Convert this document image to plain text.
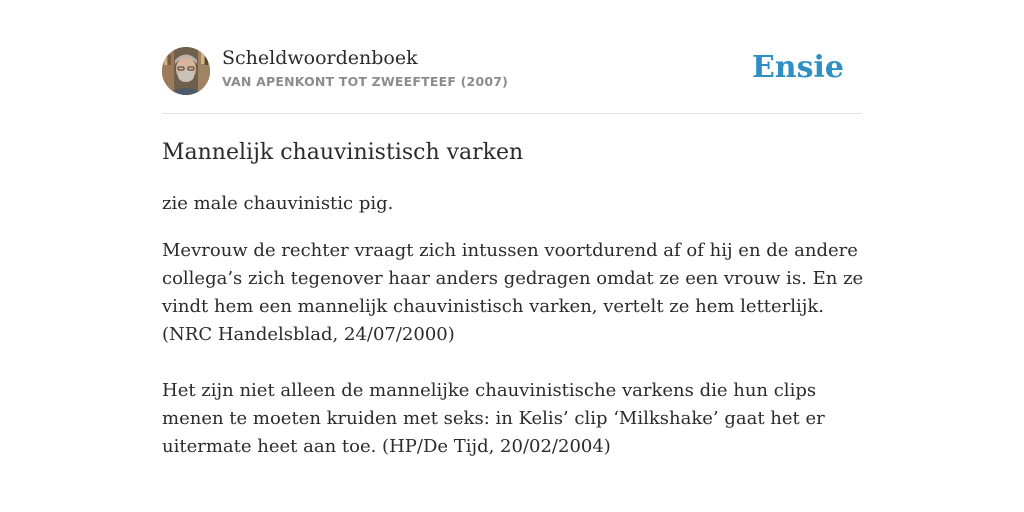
Scheldwoordenboek
VAN APENKONT TOT ZWEEFTEEF (2007)	Ensie
Mannelijk chauvinistisch varken
zie male chauvinistic pig.

Mevrouw de rechter vraagt zich intussen voortdurend af of hij en de andere collega’s zich tegenover haar anders gedragen omdat ze een vrouw is. En ze vindt hem een mannelijk chauvinistisch varken, vertelt ze hem letterlijk. (NRC Handelsblad, 24/07/2000)

Het zijn niet alleen de mannelijke chauvinistische varkens die hun clips menen te moeten kruiden met seks: in Kelis’ clip ‘Milkshake’ gaat het er uitermate heet aan toe. (HP/De Tijd, 20/02/2004)
